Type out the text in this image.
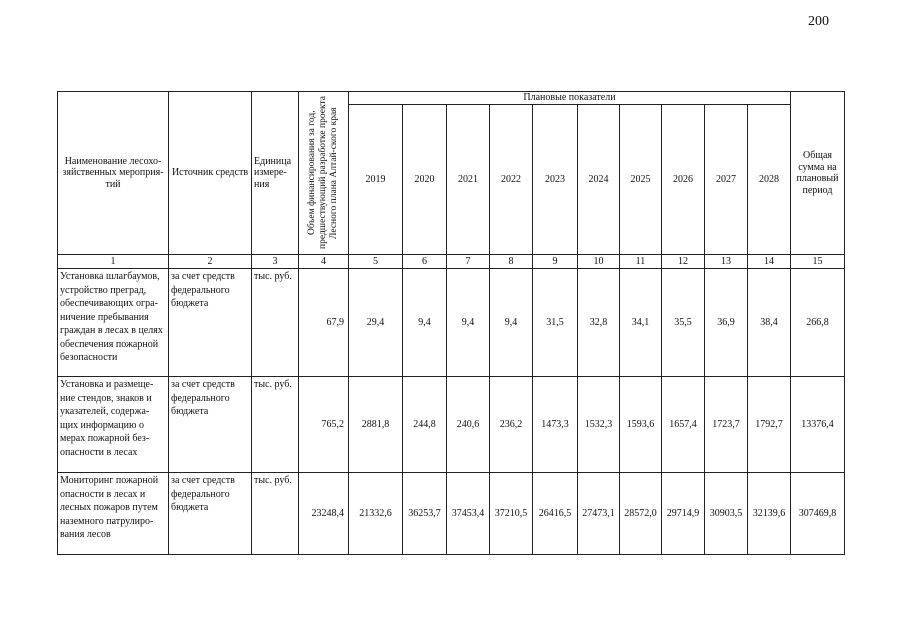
200
Наименование лесохо-зяйственных мероприя-тий	Источник средств	Единица измере-ния	Объем финансирования за год, предшествующий разработке проекта Лесного плана Алтай-ского края	Плановые показатели										Общая сумма на плановый период
				2019	2020	2021	2022	2023	2024	2025	2026	2027	2028	
1	2	3	4	5	6	7	8	9	10	11	12	13	14	15
Установка шлагбаумов, устройство преград, обеспечивающих огра-ничение пребывания граждан в лесах в целях обеспечения пожарной безопасности	за счет средств федерального бюджета	тыс. руб.	67,9	29,4	9,4	9,4	9,4	31,5	32,8	34,1	35,5	36,9	38,4	266,8
Установка и размеще-ние стендов, знаков и указателей, содержа-щих информацию о мерах пожарной без-опасности в лесах	за счет средств федерального бюджета	тыс. руб.	765,2	2881,8	244,8	240,6	236,2	1473,3	1532,3	1593,6	1657,4	1723,7	1792,7	13376,4
Мониторинг пожарной опасности в лесах и лесных пожаров путем наземного патрулиро-вания лесов	за счет средств федерального бюджета	тыс. руб.	23248,4	21332,6	36253,7	37453,4	37210,5	26416,5	27473,1	28572,0	29714,9	30903,5	32139,6	307469,8
